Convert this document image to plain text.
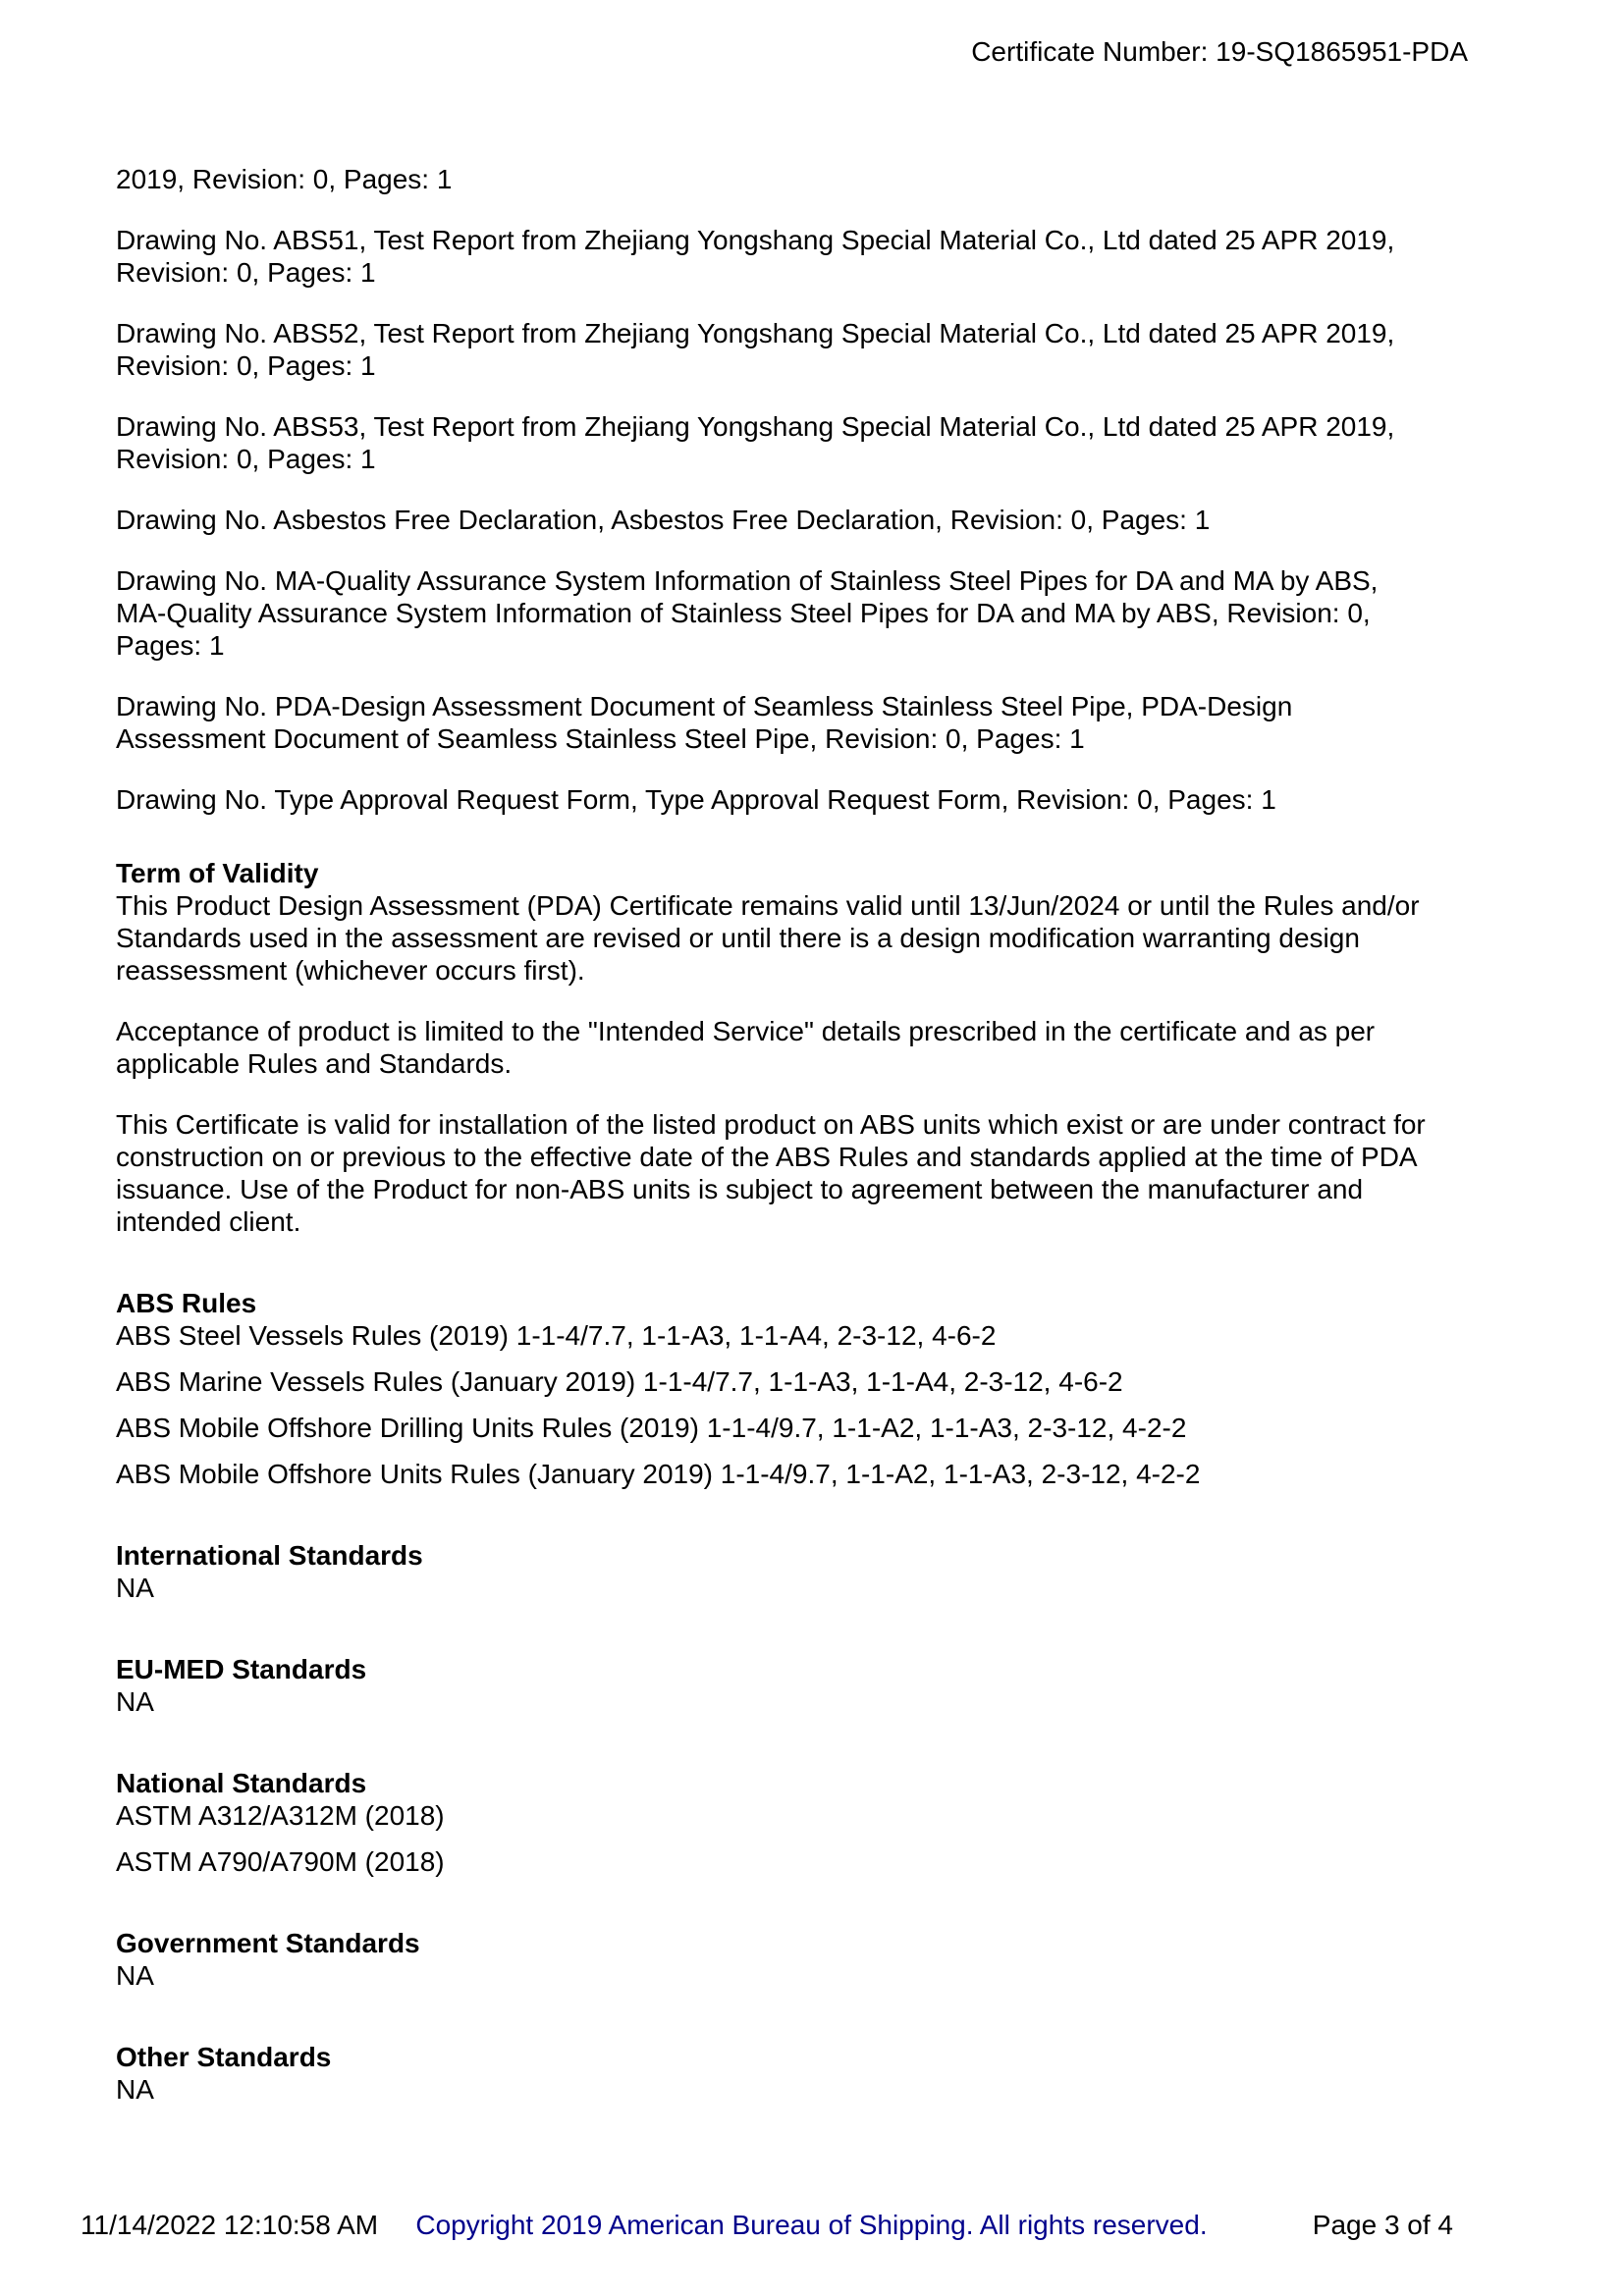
Certificate Number: 19-SQ1865951-PDA

2019, Revision: 0, Pages: 1

Drawing No. ABS51, Test Report from Zhejiang Yongshang Special Material Co., Ltd dated 25 APR 2019, Revision: 0, Pages: 1

Drawing No. ABS52, Test Report from Zhejiang Yongshang Special Material Co., Ltd dated 25 APR 2019, Revision: 0, Pages: 1

Drawing No. ABS53, Test Report from Zhejiang Yongshang Special Material Co., Ltd dated 25 APR 2019, Revision: 0, Pages: 1

Drawing No. Asbestos Free Declaration, Asbestos Free Declaration, Revision: 0, Pages: 1

Drawing No. MA-Quality Assurance System Information of Stainless Steel Pipes for DA and MA by ABS, MA-Quality Assurance System Information of Stainless Steel Pipes for DA and MA by ABS, Revision: 0, Pages: 1

Drawing No. PDA-Design Assessment Document of Seamless Stainless Steel Pipe, PDA-Design Assessment Document of Seamless Stainless Steel Pipe, Revision: 0, Pages: 1

Drawing No. Type Approval Request Form, Type Approval Request Form, Revision: 0, Pages: 1

Term of Validity

This Product Design Assessment (PDA) Certificate remains valid until 13/Jun/2024 or until the Rules and/or Standards used in the assessment are revised or until there is a design modification warranting design reassessment (whichever occurs first).

Acceptance of product is limited to the "Intended Service" details prescribed in the certificate and as per applicable Rules and Standards.

This Certificate is valid for installation of the listed product on ABS units which exist or are under contract for construction on or previous to the effective date of the ABS Rules and standards applied at the time of PDA issuance. Use of the Product for non-ABS units is subject to agreement between the manufacturer and intended client.

ABS Rules

ABS Steel Vessels Rules (2019) 1-1-4/7.7, 1-1-A3, 1-1-A4, 2-3-12, 4-6-2

ABS Marine Vessels Rules (January 2019) 1-1-4/7.7, 1-1-A3, 1-1-A4, 2-3-12, 4-6-2

ABS Mobile Offshore Drilling Units Rules (2019) 1-1-4/9.7, 1-1-A2, 1-1-A3, 2-3-12, 4-2-2

ABS Mobile Offshore Units Rules (January 2019) 1-1-4/9.7, 1-1-A2, 1-1-A3, 2-3-12, 4-2-2

International Standards

NA

EU-MED Standards

NA

National Standards

ASTM A312/A312M (2018)

ASTM A790/A790M (2018)

Government Standards

NA

Other Standards

NA

11/14/2022 12:10:58 AM	Copyright 2019 American Bureau of Shipping. All rights reserved.	Page 3 of 4
